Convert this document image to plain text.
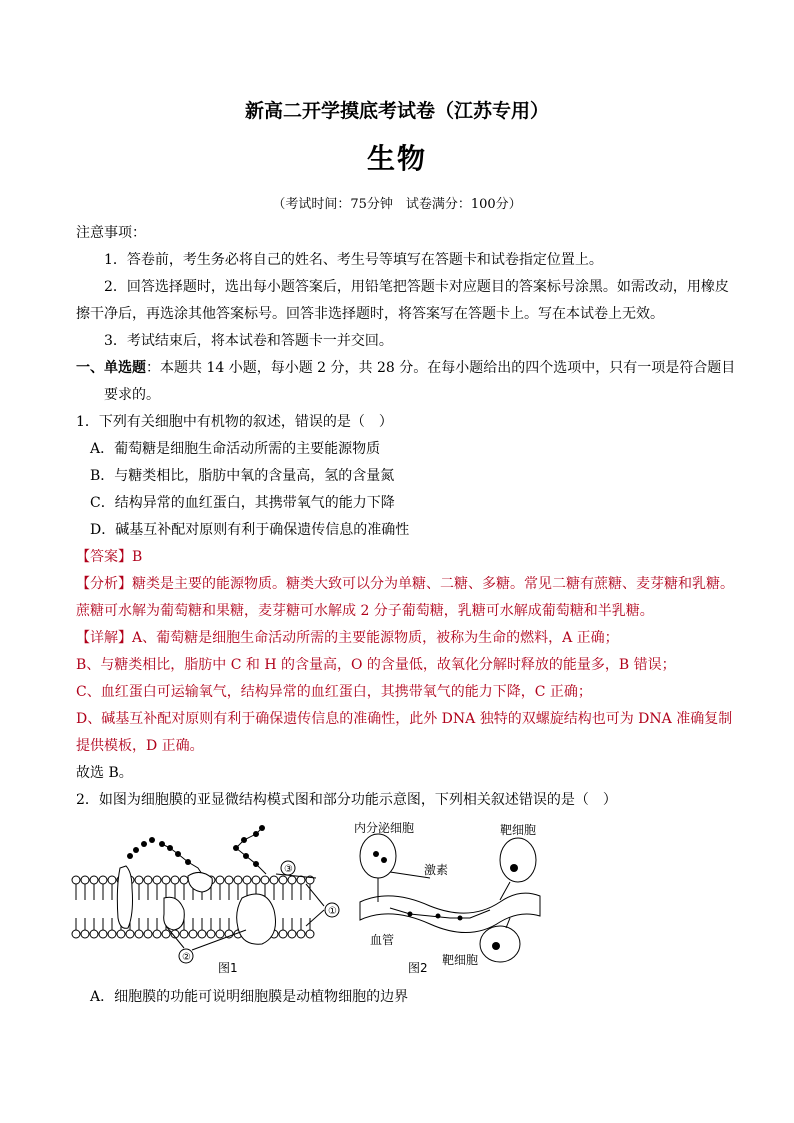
新高二开学摸底考试卷（江苏专用）
生物
（考试时间：75分钟　试卷满分：100分）
注意事项：
1．答卷前，考生务必将自己的姓名、考生号等填写在答题卡和试卷指定位置上。
2．回答选择题时，选出每小题答案后，用铅笔把答题卡对应题目的答案标号涂黑。如需改动，用橡皮
擦干净后，再选涂其他答案标号。回答非选择题时，将答案写在答题卡上。写在本试卷上无效。
3．考试结束后，将本试卷和答题卡一并交回。
一、单选题：本题共 14 小题，每小题 2 分，共 28 分。在每小题给出的四个选项中，只有一项是符合题目
要求的。
1．下列有关细胞中有机物的叙述，错误的是（　）
A．葡萄糖是细胞生命活动所需的主要能源物质
B．与糖类相比，脂肪中氧的含量高，氢的含量氮
C．结构异常的血红蛋白，其携带氧气的能力下降
D．碱基互补配对原则有利于确保遗传信息的准确性
【答案】B
【分析】糖类是主要的能源物质。糖类大致可以分为单糖、二糖、多糖。常见二糖有蔗糖、麦芽糖和乳糖。
蔗糖可水解为葡萄糖和果糖，麦芽糖可水解成 2 分子葡萄糖，乳糖可水解成葡萄糖和半乳糖。
【详解】A、葡萄糖是细胞生命活动所需的主要能源物质，被称为生命的燃料，A 正确；
B、与糖类相比，脂肪中 C 和 H 的含量高，O 的含量低，故氧化分解时释放的能量多，B 错误；
C、血红蛋白可运输氧气，结构异常的血红蛋白，其携带氧气的能力下降，C 正确；
D、碱基互补配对原则有利于确保遗传信息的准确性，此外 DNA 独特的双螺旋结构也可为 DNA 准确复制
提供模板，D 正确。
故选 B。
2．如图为细胞膜的亚显微结构模式图和部分功能示意图，下列相关叙述错误的是（　）
③
①
②
图1
内分泌细胞
激素
靶细胞
血管
靶细胞
图2
A．细胞膜的功能可说明细胞膜是动植物细胞的边界
